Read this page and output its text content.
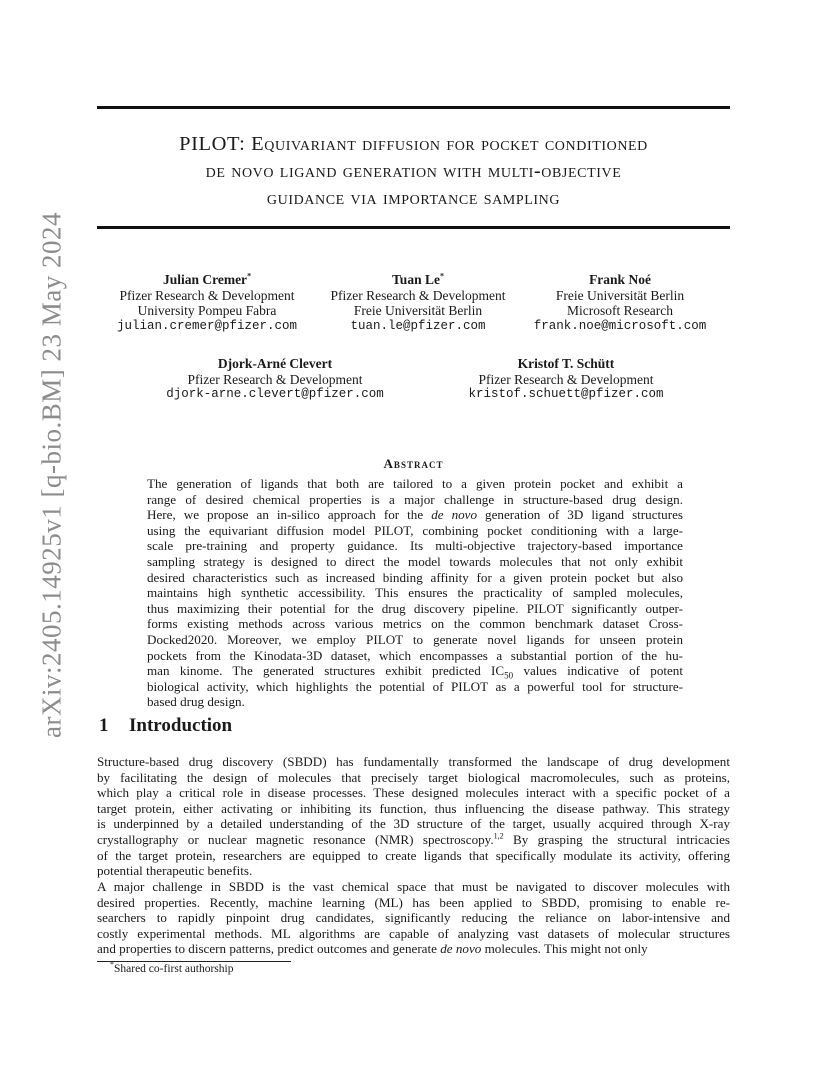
arXiv:2405.14925v1 [q-bio.BM] 23 May 2024
PILOT: Equivariant diffusion for pocket conditioned
de novo ligand generation with multi-objective
guidance via importance sampling
Julian Cremer*
Pfizer Research & Development
University Pompeu Fabra
julian.cremer@pfizer.com
Tuan Le*
Pfizer Research & Development
Freie Universität Berlin
tuan.le@pfizer.com
Frank Noé
Freie Universität Berlin
Microsoft Research
frank.noe@microsoft.com
Djork-Arné Clevert
Pfizer Research & Development
djork-arne.clevert@pfizer.com
Kristof T. Schütt
Pfizer Research & Development
kristof.schuett@pfizer.com
Abstract
The generation of ligands that both are tailored to a given protein pocket and exhibit a
range of desired chemical properties is a major challenge in structure-based drug design.
Here, we propose an in-silico approach for the de novo generation of 3D ligand structures
using the equivariant diffusion model PILOT, combining pocket conditioning with a large-
scale pre-training and property guidance. Its multi-objective trajectory-based importance
sampling strategy is designed to direct the model towards molecules that not only exhibit
desired characteristics such as increased binding affinity for a given protein pocket but also
maintains high synthetic accessibility. This ensures the practicality of sampled molecules,
thus maximizing their potential for the drug discovery pipeline. PILOT significantly outper-
forms existing methods across various metrics on the common benchmark dataset Cross-
Docked2020. Moreover, we employ PILOT to generate novel ligands for unseen protein
pockets from the Kinodata-3D dataset, which encompasses a substantial portion of the hu-
man kinome. The generated structures exhibit predicted $IC_{50}$ values indicative of potent
biological activity, which highlights the potential of PILOT as a powerful tool for structure-
based drug design.
1 Introduction
Structure-based drug discovery (SBDD) has fundamentally transformed the landscape of drug development
by facilitating the design of molecules that precisely target biological macromolecules, such as proteins,
which play a critical role in disease processes. These designed molecules interact with a specific pocket of a
target protein, either activating or inhibiting its function, thus influencing the disease pathway. This strategy
is underpinned by a detailed understanding of the 3D structure of the target, usually acquired through X-ray
crystallography or nuclear magnetic resonance (NMR) spectroscopy.$^{1,2}$ By grasping the structural intricacies
of the target protein, researchers are equipped to create ligands that specifically modulate its activity, offering
potential therapeutic benefits.
A major challenge in SBDD is the vast chemical space that must be navigated to discover molecules with
desired properties. Recently, machine learning (ML) has been applied to SBDD, promising to enable re-
searchers to rapidly pinpoint drug candidates, significantly reducing the reliance on labor-intensive and
costly experimental methods. ML algorithms are capable of analyzing vast datasets of molecular structures
and properties to discern patterns, predict outcomes and generate de novo molecules. This might not only
*Shared co-first authorship
